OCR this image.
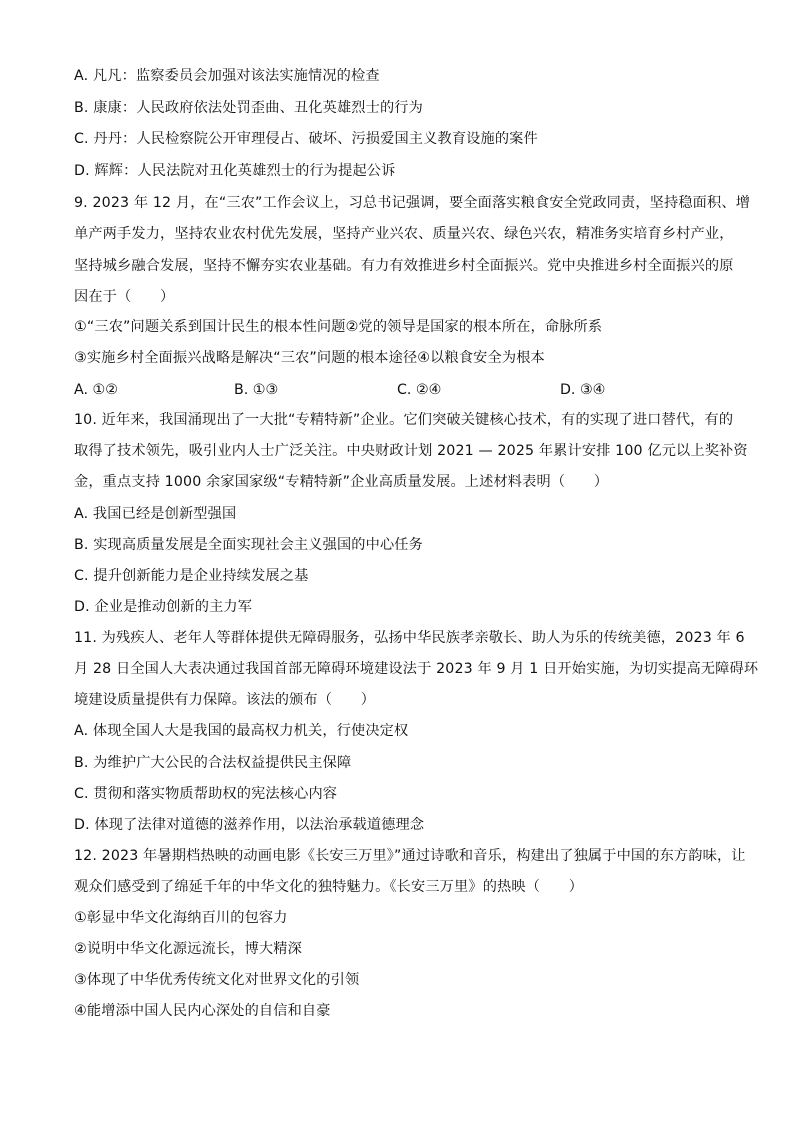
A. 凡凡：监察委员会加强对该法实施情况的检查
B. 康康：人民政府依法处罚歪曲、丑化英雄烈士的行为
C. 丹丹：人民检察院公开审理侵占、破坏、污损爱国主义教育设施的案件
D. 辉辉：人民法院对丑化英雄烈士的行为提起公诉
9. 2023 年 12 月，在“三农”工作会议上，习总书记强调，要全面落实粮食安全党政同责，坚持稳面积、增
单产两手发力，坚持农业农村优先发展，坚持产业兴农、质量兴农、绿色兴农，精准务实培育乡村产业，
坚持城乡融合发展，坚持不懈夯实农业基础。有力有效推进乡村全面振兴。党中央推进乡村全面振兴的原
因在于（　　）
①“三农”问题关系到国计民生的根本性问题②党的领导是国家的根本所在，命脉所系
③实施乡村全面振兴战略是解决“三农”问题的根本途径④以粮食安全为根本
A. ①②	B. ①③	C. ②④	D. ③④
10. 近年来，我国涌现出了一大批“专精特新”企业。它们突破关键核心技术，有的实现了进口替代，有的
取得了技术领先，吸引业内人士广泛关注。中央财政计划 2021 — 2025 年累计安排 100 亿元以上奖补资
金，重点支持 1000 余家国家级“专精特新”企业高质量发展。上述材料表明（　　）
A. 我国已经是创新型强国
B. 实现高质量发展是全面实现社会主义强国的中心任务
C. 提升创新能力是企业持续发展之基
D. 企业是推动创新的主力军
11. 为残疾人、老年人等群体提供无障碍服务，弘扬中华民族孝亲敬长、助人为乐的传统美德，2023 年 6
月 28 日全国人大表决通过我国首部无障碍环境建设法于 2023 年 9 月 1 日开始实施，为切实提高无障碍环
境建设质量提供有力保障。该法的颁布（　　）
A. 体现全国人大是我国的最高权力机关，行使决定权
B. 为维护广大公民的合法权益提供民主保障
C. 贯彻和落实物质帮助权的宪法核心内容
D. 体现了法律对道德的滋养作用，以法治承载道德理念
12. 2023 年暑期档热映的动画电影《长安三万里》”通过诗歌和音乐，构建出了独属于中国的东方韵味，让
观众们感受到了绵延千年的中华文化的独特魅力。《长安三万里》的热映（　　）
①彰显中华文化海纳百川的包容力
②说明中华文化源远流长，博大精深
③体现了中华优秀传统文化对世界文化的引领
④能增添中国人民内心深处的自信和自豪
